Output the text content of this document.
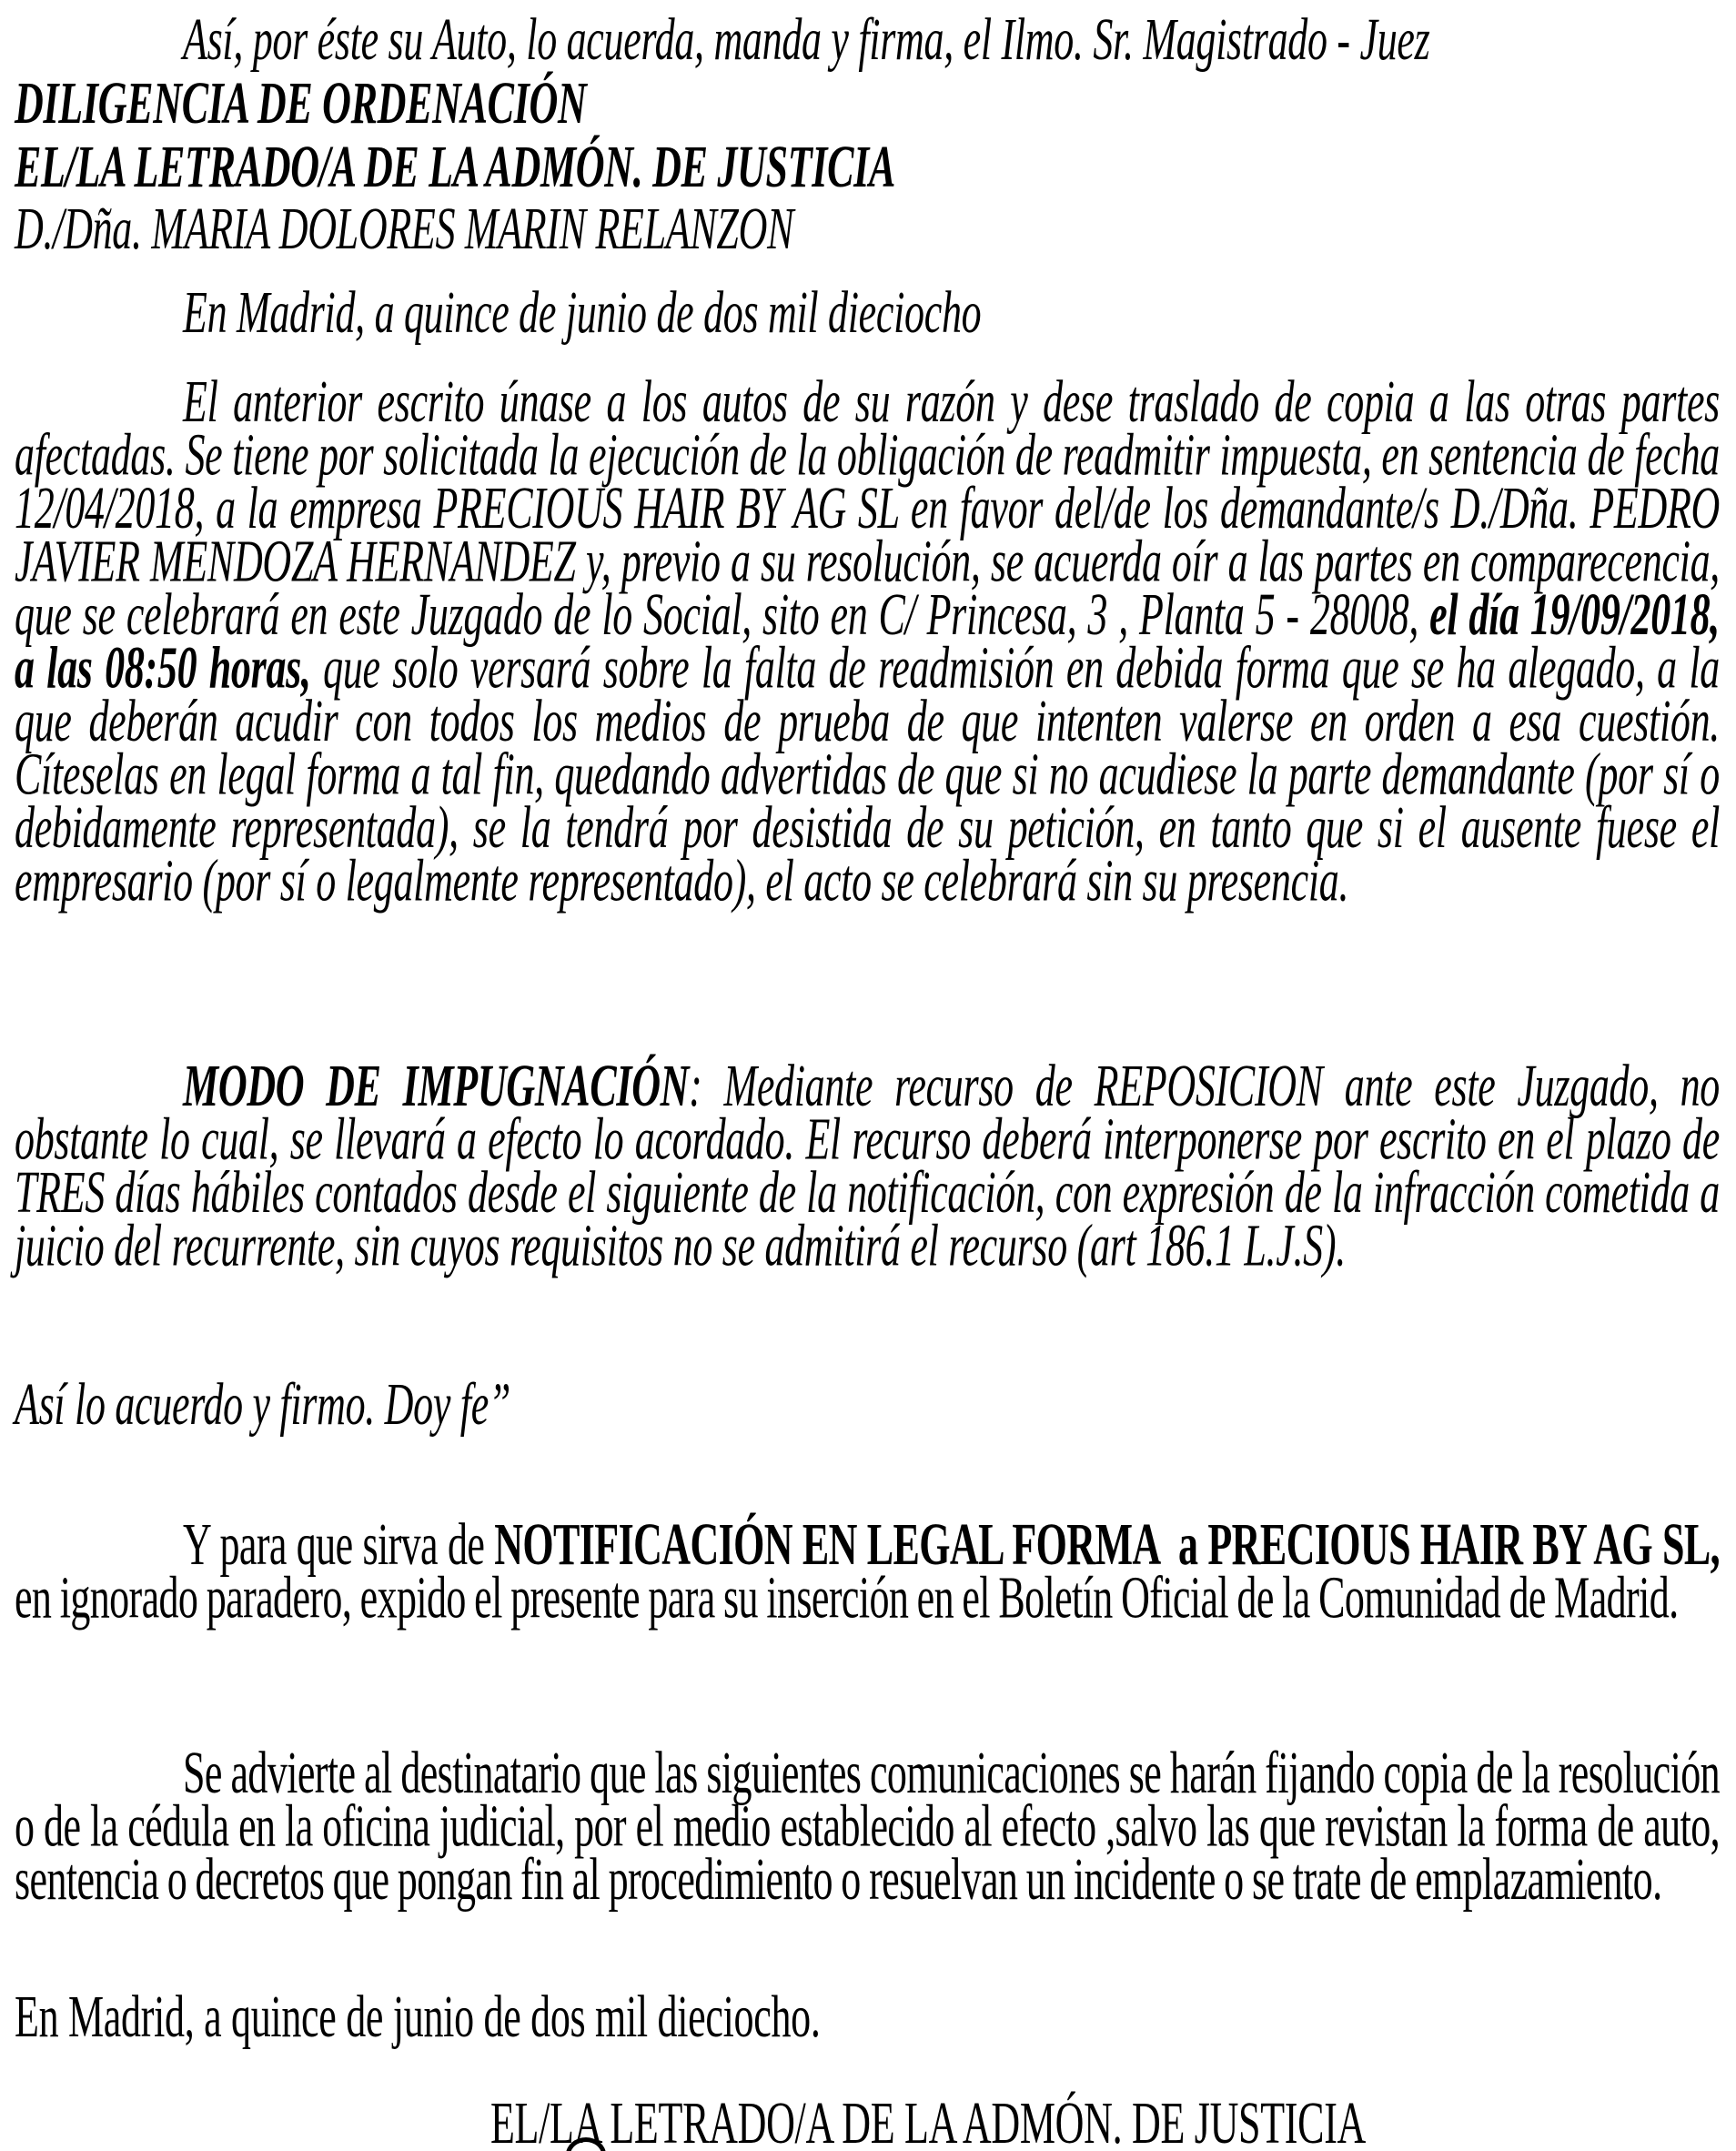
Así, por éste su Auto, lo acuerda, manda y firma, el Ilmo. Sr. Magistrado - Juez

DILIGENCIA DE ORDENACIÓN

EL/LA LETRADO/A DE LA ADMÓN. DE JUSTICIA

D./Dña. MARIA DOLORES MARIN RELANZON

En Madrid, a quince de junio de dos mil dieciocho

El anterior escrito únase a los autos de su razón y dese traslado de copia a las otras partes afectadas. Se tiene por solicitada la ejecución de la obligación de readmitir impuesta, en sentencia de fecha 12/04/2018, a la empresa PRECIOUS HAIR BY AG SL en favor del/de los demandante/s D./Dña. PEDRO JAVIER MENDOZA HERNANDEZ y, previo a su resolución, se acuerda oír a las partes en comparecencia, que se celebrará en este Juzgado de lo Social, sito en C/ Princesa, 3 , Planta 5 - 28008, el día 19/09/2018, a las 08:50 horas, que solo versará sobre la falta de readmisión en debida forma que se ha alegado, a la que deberán acudir con todos los medios de prueba de que intenten valerse en orden a esa cuestión. Cíteselas en legal forma a tal fin, quedando advertidas de que si no acudiese la parte demandante (por sí o debidamente representada), se la tendrá por desistida de su petición, en tanto que si el ausente fuese el empresario (por sí o legalmente representado), el acto se celebrará sin su presencia.

MODO DE IMPUGNACIÓN: Mediante recurso de REPOSICION ante este Juzgado, no obstante lo cual, se llevará a efecto lo acordado. El recurso deberá interponerse por escrito en el plazo de TRES días hábiles contados desde el siguiente de la notificación, con expresión de la infracción cometida a juicio del recurrente, sin cuyos requisitos no se admitirá el recurso (art 186.1 L.J.S).

Así lo acuerdo y firmo. Doy fe”

Y para que sirva de NOTIFICACIÓN EN LEGAL FORMA  a PRECIOUS HAIR BY AG SL, en ignorado paradero, expido el presente para su inserción en el Boletín Oficial de la Comunidad de Madrid.

Se advierte al destinatario que las siguientes comunicaciones se harán fijando copia de la resolución o de la cédula en la oficina judicial, por el medio establecido al efecto ,salvo las que revistan la forma de auto, sentencia o decretos que pongan fin al procedimiento o resuelvan un incidente o se trate de emplazamiento.

En Madrid, a quince de junio de dos mil dieciocho.

EL/LA LETRADO/A DE LA ADMÓN. DE JUSTICIA
